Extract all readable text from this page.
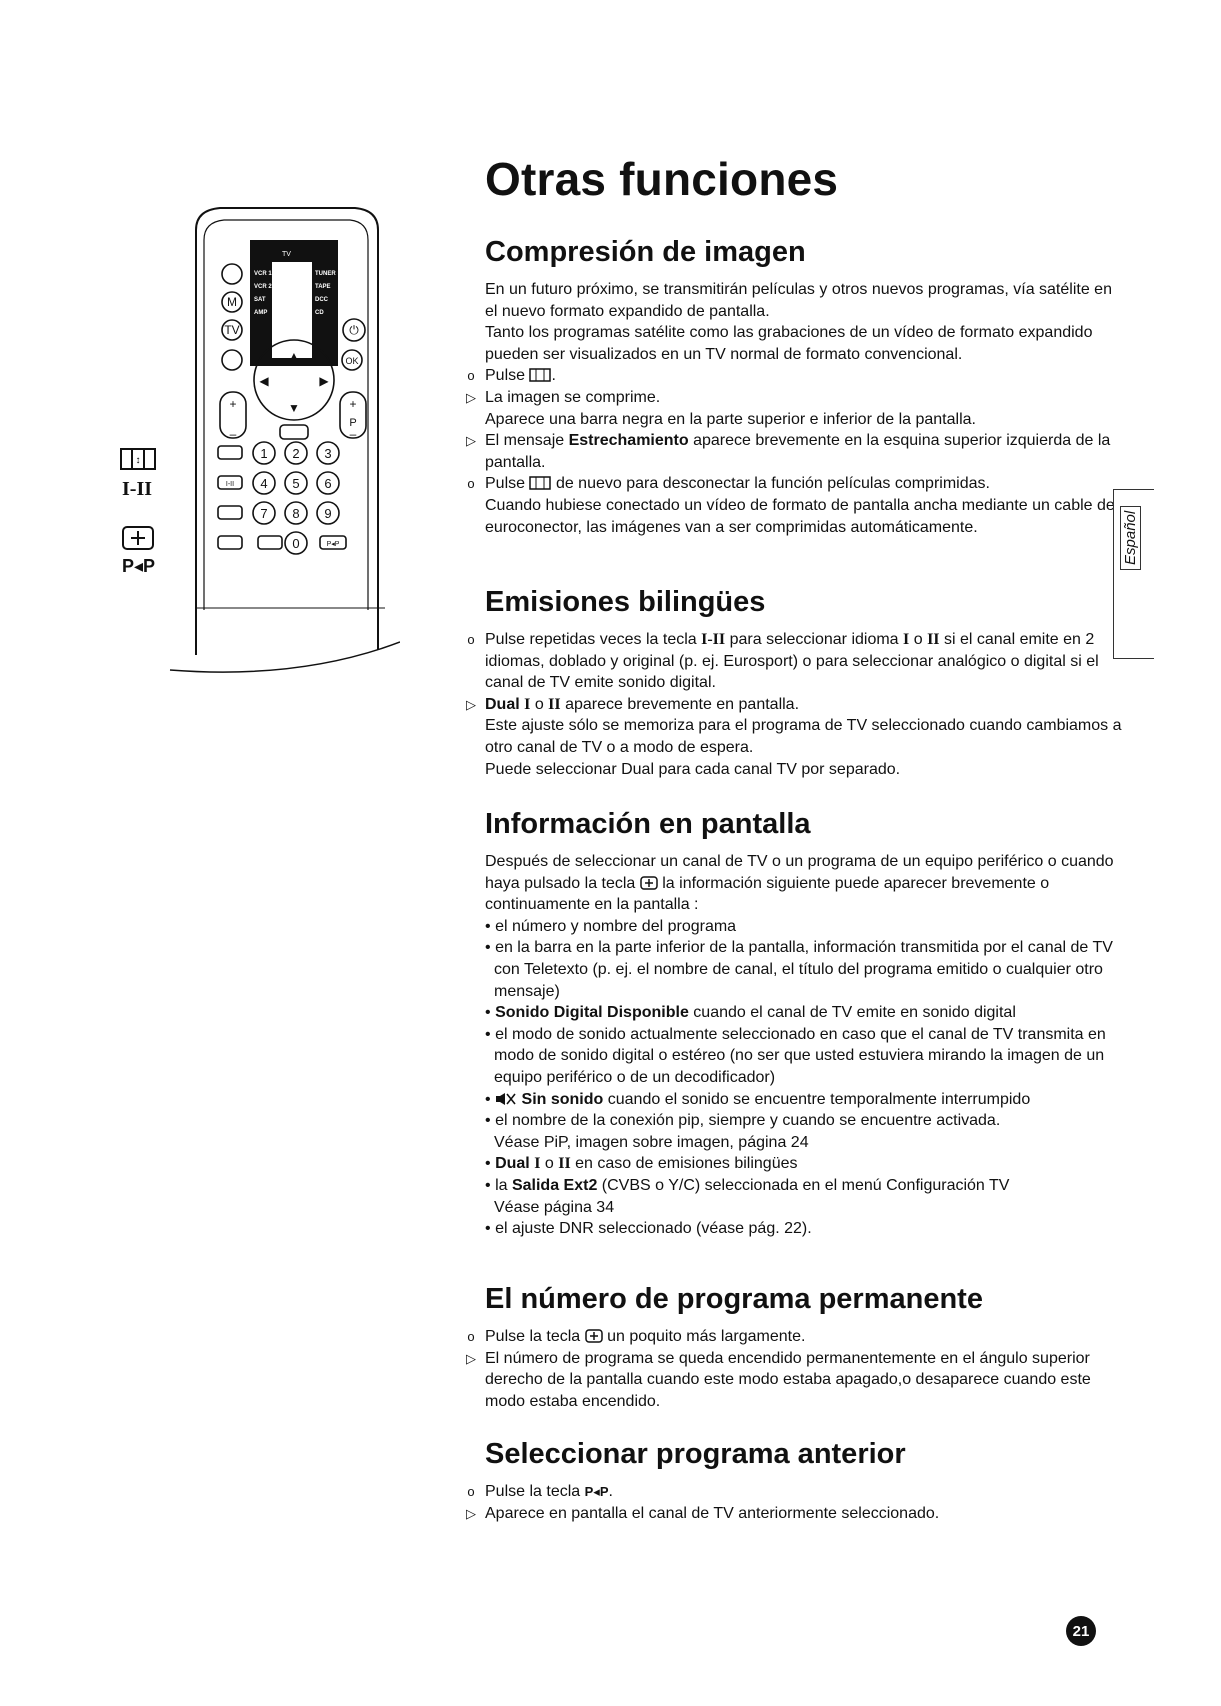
TV
VCR 1	TUNER
VCR 2	TAPE
SAT	DCC
AMP	CD
M
TV	⏻
OK
▲
▼
◀	▶
+	+
P
–
–
1 2 3
4 5 6
7 8 9
0
I-II
P◂P
↕
I-II
P◂P
Otras funciones
Compresión de imagen

En un futuro próximo, se transmitirán películas y otros nuevos programas, vía satélite en el nuevo formato expandido de pantalla.

Tanto los programas satélite como las grabaciones de un vídeo de formato expandido pueden ser visualizados en un TV normal de formato convencional.

o Pulse .

▷ La imagen se comprime.

Aparece una barra negra en la parte superior e inferior de la pantalla.

▷ El mensaje Estrechamiento aparece brevemente en la esquina superior izquierda de la pantalla.

o Pulse de nuevo para desconectar la función películas comprimidas.

Cuando hubiese conectado un vídeo de formato de pantalla ancha mediante un cable de euroconector, las imágenes van a ser comprimidas automáticamente.

Emisiones bilingües

o Pulse repetidas veces la tecla I-II para seleccionar idioma I o II si el canal emite en 2 idiomas, doblado y original (p. ej. Eurosport) o para seleccionar analógico o digital si el canal de TV emite sonido digital.

▷ Dual I o II aparece brevemente en pantalla.

Este ajuste sólo se memoriza para el programa de TV seleccionado cuando cambiamos a otro canal de TV o a modo de espera.

Puede seleccionar Dual para cada canal TV por separado.

Información en pantalla

Después de seleccionar un canal de TV o un programa de un equipo periférico o cuando haya pulsado la tecla la información siguiente puede aparecer brevemente o continuamente en la pantalla :

• el número y nombre del programa

• en la barra en la parte inferior de la pantalla, información transmitida por el canal de TV con Teletexto (p. ej. el nombre de canal, el título del programa emitido o cualquier otro mensaje)

• Sonido Digital Disponible cuando el canal de TV emite en sonido digital

• el modo de sonido actualmente seleccionado en caso que el canal de TV transmita en modo de sonido digital o estéreo (no ser que usted estuviera mirando la imagen de un equipo periférico o de un decodificador)

• Sin sonido cuando el sonido se encuentre temporalmente interrumpido

• el nombre de la conexión pip, siempre y cuando se encuentre activada.

Véase PiP, imagen sobre imagen, página 24

• Dual I o II en caso de emisiones bilingües

• la Salida Ext2 (CVBS o Y/C) seleccionada en el menú Configuración TV

Véase página 34

• el ajuste DNR seleccionado (véase pág. 22).

El número de programa permanente

o Pulse la tecla un poquito más largamente.

▷ El número de programa se queda encendido permanentemente en el ángulo superior derecho de la pantalla cuando este modo estaba apagado,o desaparece cuando este modo estaba encendido.

Seleccionar programa anterior

o Pulse la tecla P◂P.

▷ Aparece en pantalla el canal de TV anteriormente seleccionado.

Español
21
